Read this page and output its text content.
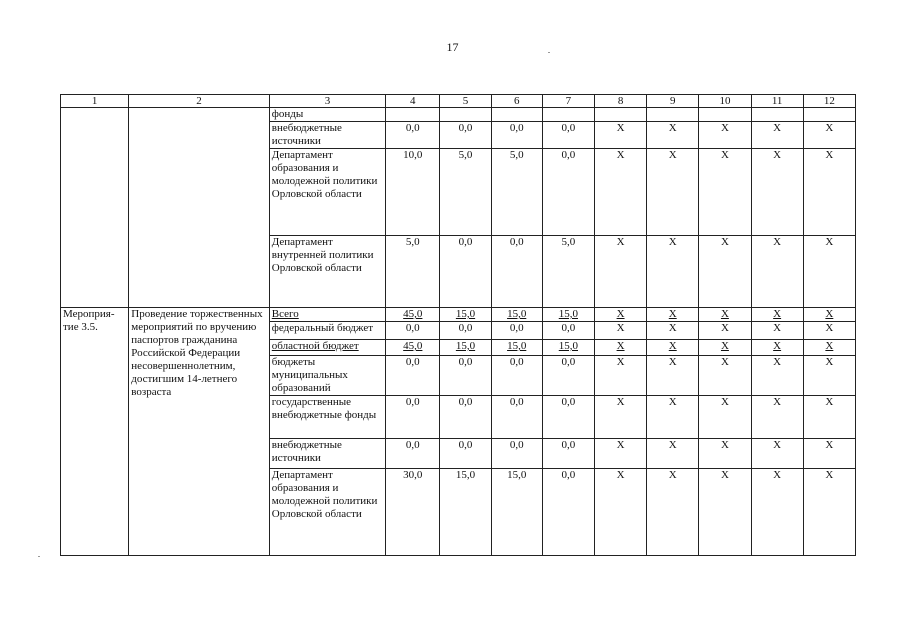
17
1	2	3	4	5	6	7	8	9	10	11	12
		фонды									
		внебюджетные источники	0,0	0,0	0,0	0,0	X	X	X	X	X
		Департамент образования и молодежной политики Орловской области	10,0	5,0	5,0	0,0	X	X	X	X	X
		Департамент внутренней политики Орловской области	5,0	0,0	0,0	5,0	X	X	X	X	X
Мероприя-тие 3.5.	Проведение торжественных мероприятий по вручению паспортов гражданина Российской Федерации несовершеннолетним, достигшим 14-летнего возраста	Всего	45,0	15,0	15,0	15,0	X	X	X	X	X
		федеральный бюджет	0,0	0,0	0,0	0,0	X	X	X	X	X
		областной бюджет	45,0	15,0	15,0	15,0	X	X	X	X	X
		бюджеты муниципальных образований	0,0	0,0	0,0	0,0	X	X	X	X	X
		государственные внебюджетные фонды	0,0	0,0	0,0	0,0	X	X	X	X	X
		внебюджетные источники	0,0	0,0	0,0	0,0	X	X	X	X	X
		Департамент образования и молодежной политики Орловской области	30,0	15,0	15,0	0,0	X	X	X	X	X
